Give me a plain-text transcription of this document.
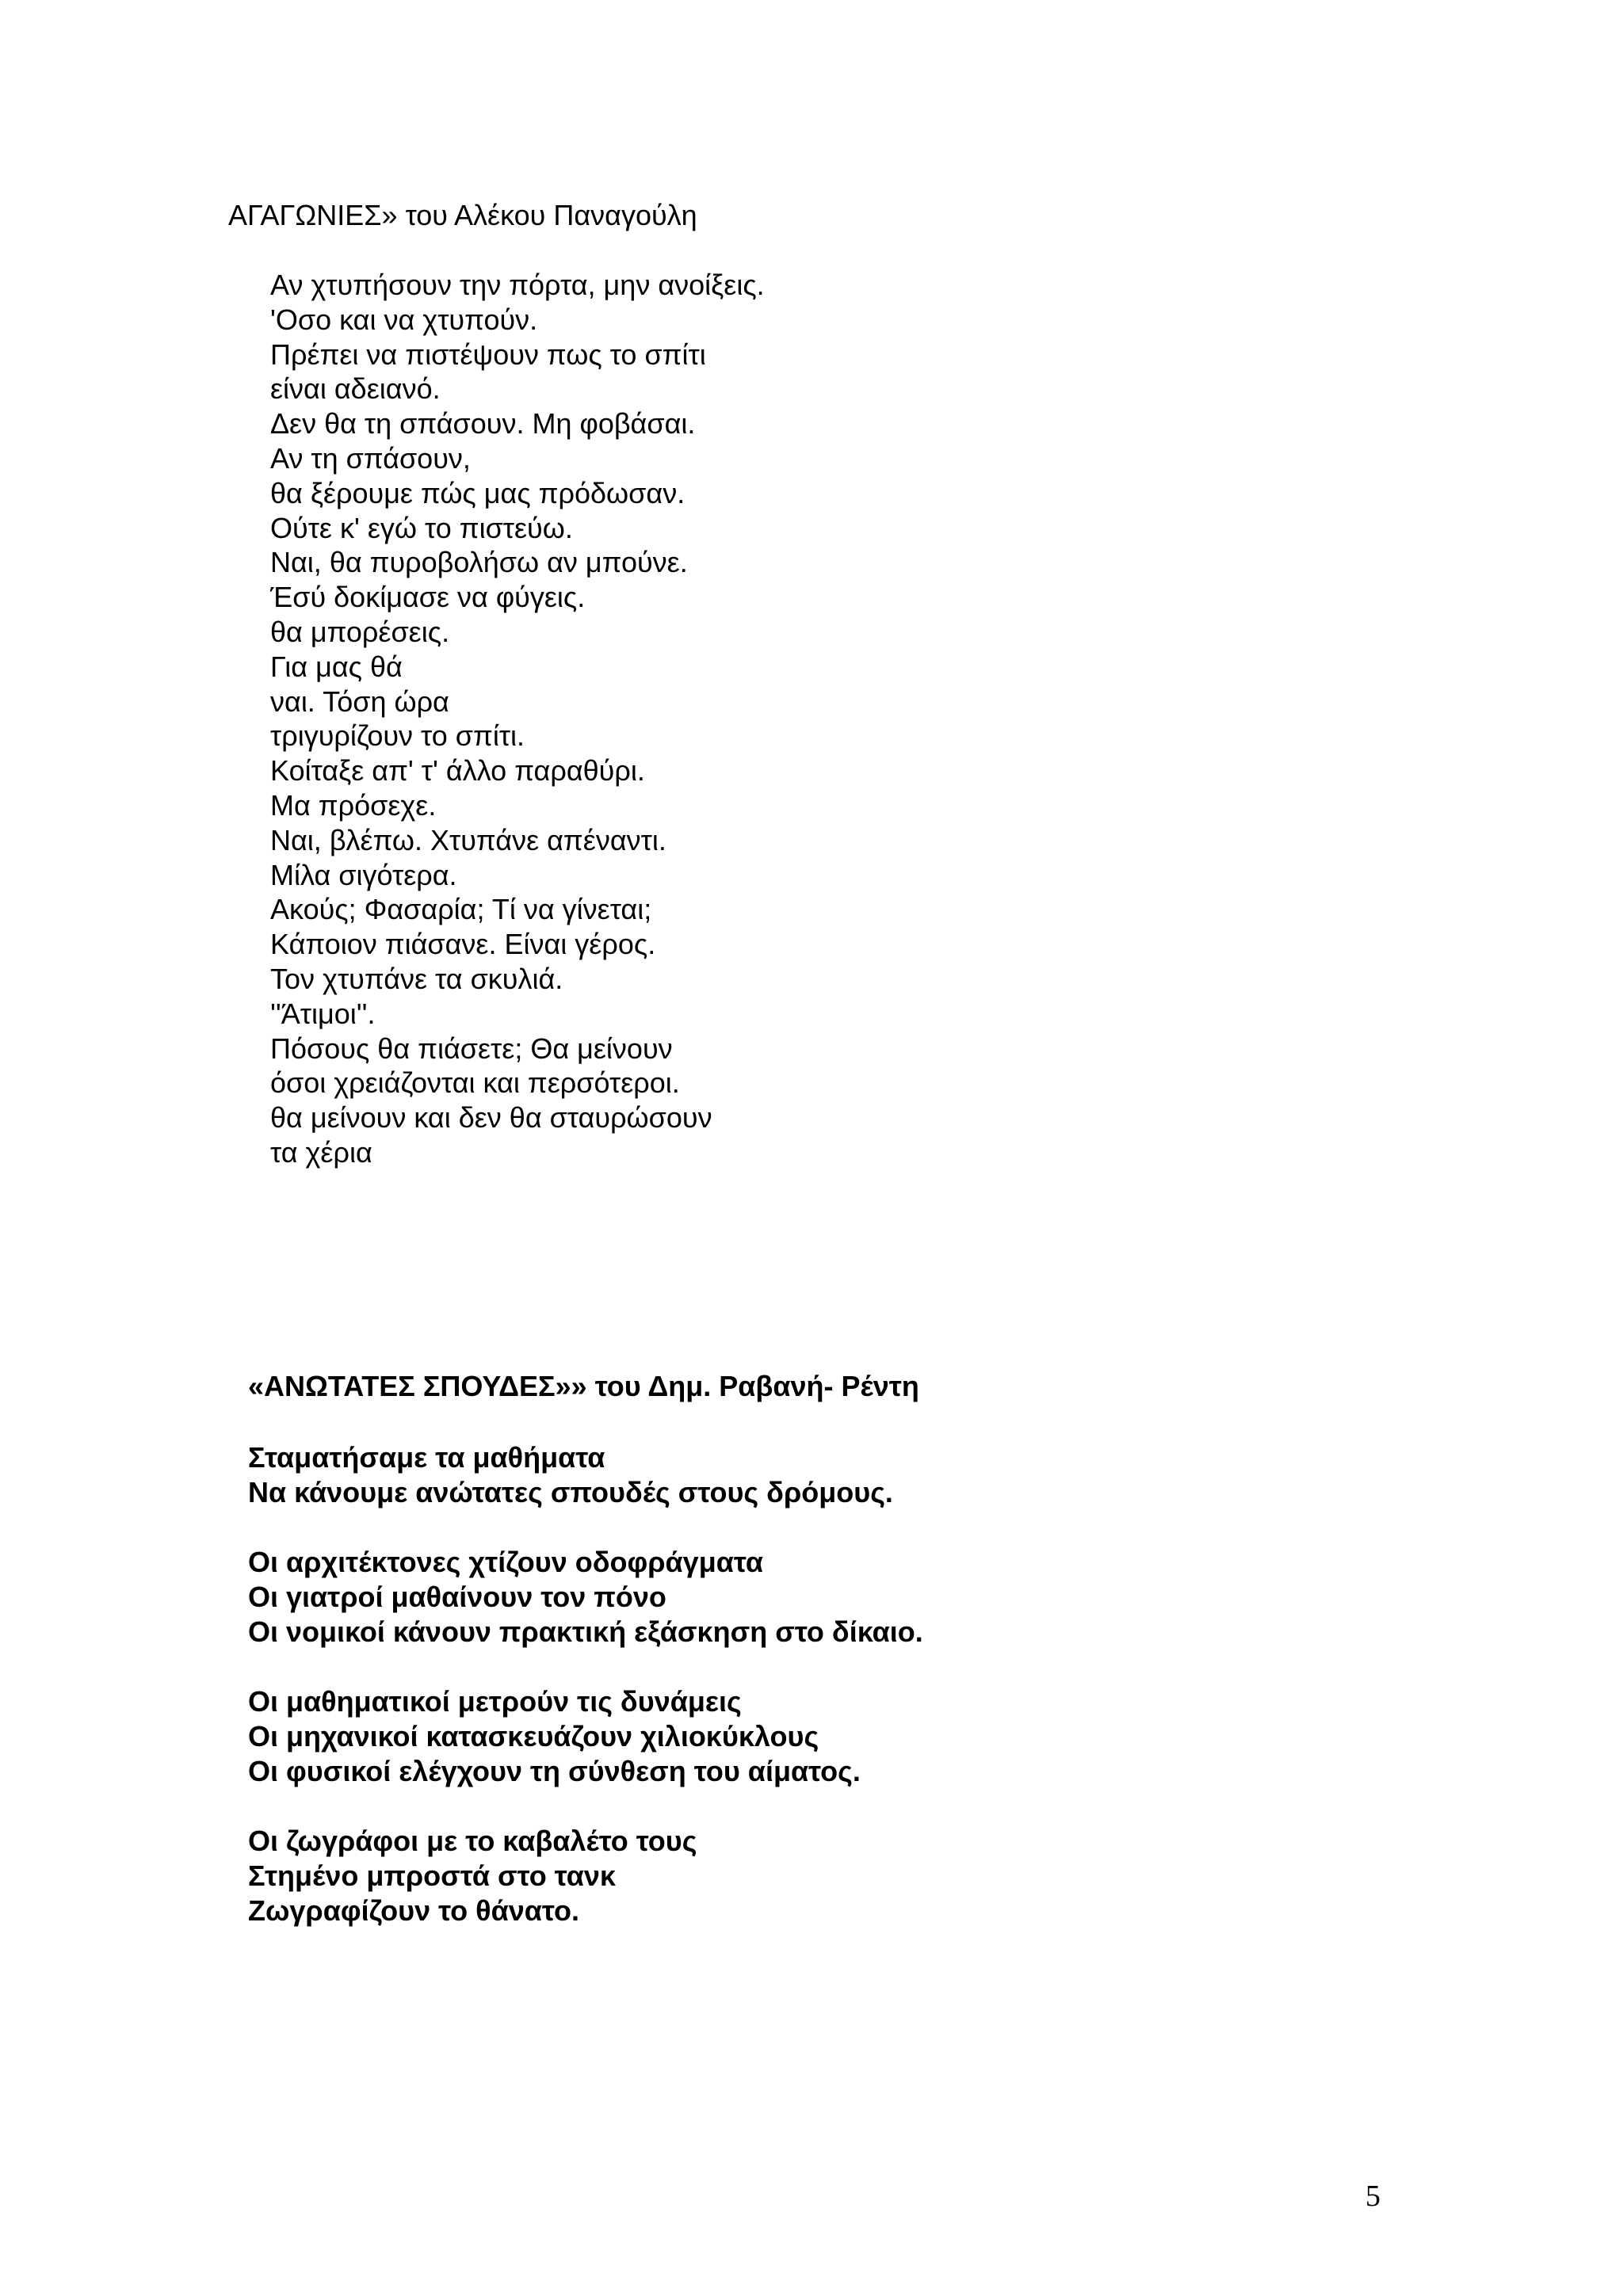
ΑΓΑΓΩΝΙΕΣ» του Αλέκου Παναγούλη
Αν χτυπήσουν την πόρτα, μην ανοίξεις.
'Οσο και να χτυπούν.
Πρέπει να πιστέψουν πως το σπίτι
είναι αδειανό.
Δεν θα τη σπάσουν. Μη φοβάσαι.
Αν τη σπάσουν,
θα ξέρουμε πώς μας πρόδωσαν.
Ούτε κ' εγώ το πιστεύω.
Ναι, θα πυροβολήσω αν μπούνε.
Έσύ δοκίμασε να φύγεις.
θα μπορέσεις.
Για μας θά
ναι. Τόση ώρα
τριγυρίζουν το σπίτι.
Κοίταξε απ' τ' άλλο παραθύρι.
Μα πρόσεχε.
Ναι, βλέπω. Χτυπάνε απέναντι.
Μίλα σιγότερα.
Ακούς; Φασαρία; Τί να γίνεται;
Κάποιον πιάσανε. Είναι γέρος.
Τον χτυπάνε τα σκυλιά.
''Άτιμοι''.
Πόσους θα πιάσετε; Θα μείνουν
όσοι χρειάζονται και περσότεροι.
θα μείνουν και δεν θα σταυρώσουν
τα χέρια
«ΑΝΩΤΑΤΕΣ ΣΠΟΥΔΕΣ»» του Δημ. Ραβανή- Ρέντη
Σταματήσαμε τα μαθήματα
Να κάνουμε ανώτατες σπουδές στους δρόμους.
Οι αρχιτέκτονες χτίζουν οδοφράγματα
Οι γιατροί μαθαίνουν τον πόνο
Οι νομικοί κάνουν πρακτική εξάσκηση στο δίκαιο.
Οι μαθηματικοί μετρούν τις δυνάμεις
Οι μηχανικοί κατασκευάζουν χιλιοκύκλους
Οι φυσικοί ελέγχουν τη σύνθεση του αίματος.
Οι ζωγράφοι με το καβαλέτο τους
Στημένο μπροστά στο τανκ
Ζωγραφίζουν το θάνατο.
5
